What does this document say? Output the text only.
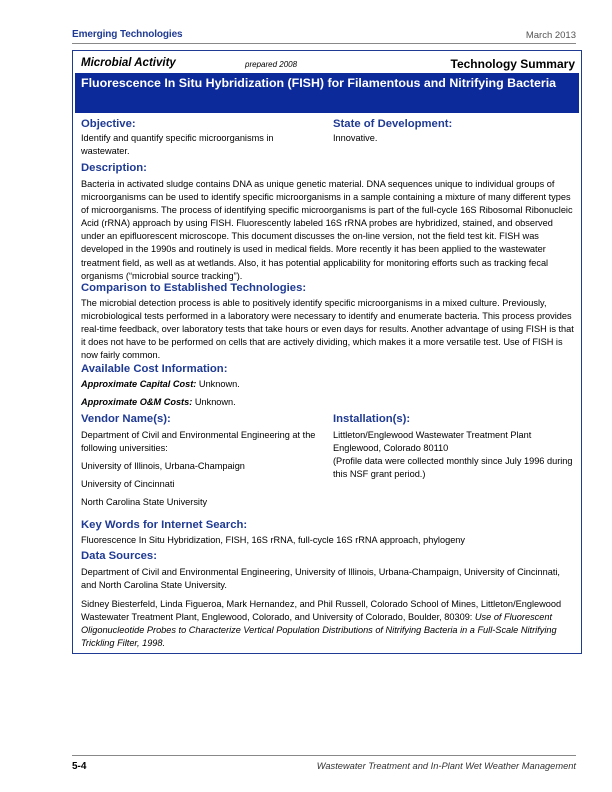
Emerging Technologies	March 2013
Microbial Activity	prepared 2008	Technology Summary
Fluorescence In Situ Hybridization (FISH) for Filamentous and Nitrifying Bacteria
Objective:
Identify and quantify specific microorganisms in wastewater.
State of Development:
Innovative.
Description:
Bacteria in activated sludge contains DNA as unique genetic material. DNA sequences unique to individual groups of microorganisms can be used to identify specific microorganisms in a sample containing a mixture of many different types of microorganisms. The process of identifying specific microorganisms is part of the full-cycle 16S Ribosomal Ribonucleic Acid (rRNA) approach by using FISH. Fluorescently labeled 16S rRNA probes are hybridized, stained, and observed under an epifluorescent microscope. This document discusses the on-line version, not the field test kit. FISH was developed in the 1990s and routinely is used in medical fields. More recently it has been applied to the wastewater treatment field, as well as at wetlands. Also, it has potential applicability for monitoring efforts such as tracking fecal organisms (“microbial source tracking”).
Comparison to Established Technologies:
The microbial detection process is able to positively identify specific microorganisms in a mixed culture. Previously, microbiological tests performed in a laboratory were necessary to identify and enumerate bacteria. This process provides real-time feedback, over laboratory tests that take hours or even days for results. Another advantage of using FISH is that it does not have to be performed on cells that are actively dividing, which makes it a more versatile test. Use of FISH is now fairly common.
Available Cost Information:
Approximate Capital Cost: Unknown.
Approximate O&M Costs: Unknown.
Vendor Name(s):
Department of Civil and Environmental Engineering at the following universities:
University of Illinois, Urbana-Champaign
University of Cincinnati
North Carolina State University
Installation(s):
Littleton/Englewood Wastewater Treatment Plant
Englewood, Colorado 80110
(Profile data were collected monthly since July 1996 during this NSF grant period.)
Key Words for Internet Search:
Fluorescence In Situ Hybridization, FISH, 16S rRNA, full-cycle 16S rRNA approach, phylogeny
Data Sources:
Department of Civil and Environmental Engineering, University of Illinois, Urbana-Champaign, University of Cincinnati, and North Carolina State University.
Sidney Biesterfeld, Linda Figueroa, Mark Hernandez, and Phil Russell, Colorado School of Mines, Littleton/Englewood Wastewater Treatment Plant, Englewood, Colorado, and University of Colorado, Boulder, 80309: Use of Fluorescent Oligonucleotide Probes to Characterize Vertical Population Distributions of Nitrifying Bacteria in a Full-Scale Nitrifying Trickling Filter, 1998.
5-4	Wastewater Treatment and In-Plant Wet Weather Management
